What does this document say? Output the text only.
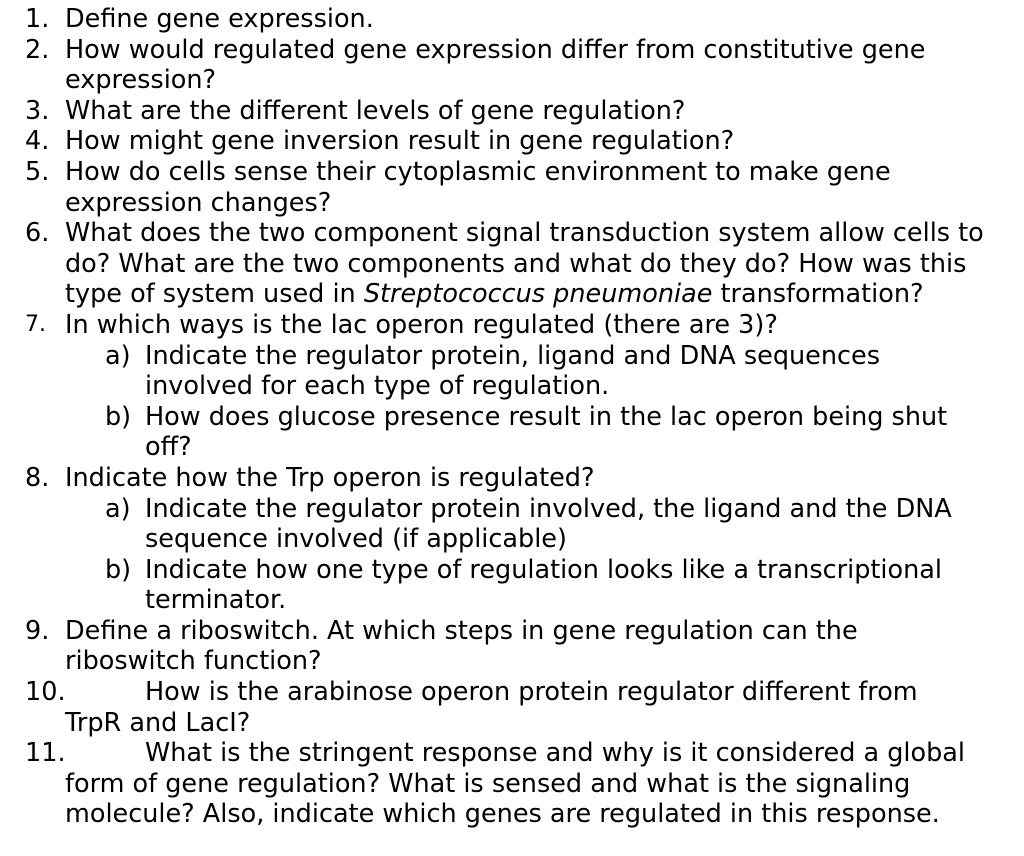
1. Define gene expression.
2. How would regulated gene expression differ from constitutive gene expression?
3. What are the different levels of gene regulation?
4. How might gene inversion result in gene regulation?
5. How do cells sense their cytoplasmic environment to make gene expression changes?
6. What does the two component signal transduction system allow cells to do? What are the two components and what do they do? How was this type of system used in Streptococcus pneumoniae transformation?
7. In which ways is the lac operon regulated (there are 3)?
a) Indicate the regulator protein, ligand and DNA sequences involved for each type of regulation.
b) How does glucose presence result in the lac operon being shut off?
8. Indicate how the Trp operon is regulated?
a) Indicate the regulator protein involved, the ligand and the DNA sequence involved (if applicable)
b) Indicate how one type of regulation looks like a transcriptional terminator.
9. Define a riboswitch. At which steps in gene regulation can the riboswitch function?
10.	How is the arabinose operon protein regulator different from
TrpR and LacI?
11.	What is the stringent response and why is it considered a global
form of gene regulation? What is sensed and what is the signaling molecule? Also, indicate which genes are regulated in this response.
